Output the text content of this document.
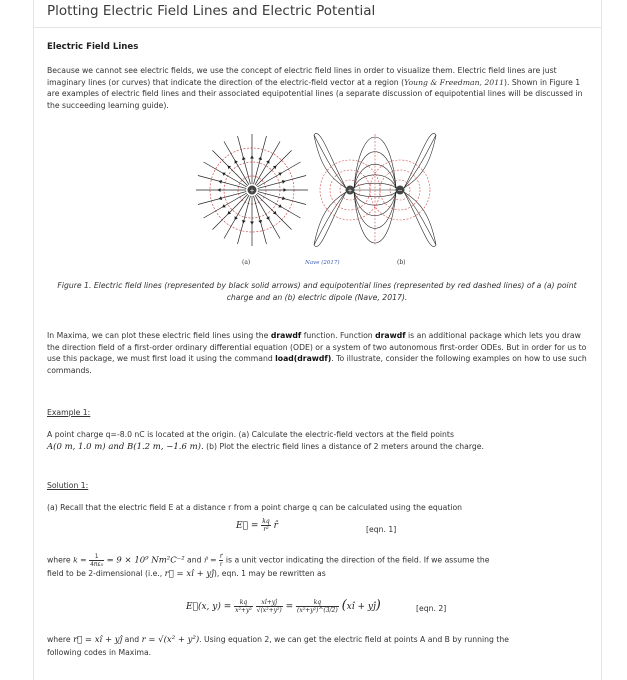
Plotting Electric Field Lines and Electric Potential
Electric Field Lines
Because we cannot see electric fields, we use the concept of electric field lines in order to visualize them. Electric field lines are just imaginary lines (or curves) that indicate the direction of the electric-field vector at a region (Young & Freedman, 2011). Shown in Figure 1 are examples of electric field lines and their associated equipotential lines (a separate discussion of equipotential lines will be discussed in the succeeding learning guide).
+	+	−
(a)	Nave (2017)	(b)
Figure 1. Electric field lines (represented by black solid arrows) and equipotential lines (represented by red dashed lines) of a (a) point charge and an (b) electric dipole (Nave, 2017).
In Maxima, we can plot these electric field lines using the drawdf function. Function drawdf is an additional package which lets you draw the direction field of a first-order ordinary differential equation (ODE) or a system of two autonomous first-order ODEs. But in order for us to use this package, we must first load it using the command load(drawdf). To illustrate, consider the following examples on how to use such commands.
Example 1:
A point charge q=-8.0 nC is located at the origin. (a) Calculate the electric-field vectors at the field points
A(0 m, 1.0 m) and B(1.2 m, −1.6 m). (b) Plot the electric field lines a distance of 2 meters around the charge.
Solution 1:
(a) Recall that the electric field E at a distance r from a point charge q can be calculated using the equation
E⃗ = $\frac{kq}{\text{r²}}$ r̂	[eqn. 1]
where $k = \frac{1}{\text{4πε₀}} = 9 \times 10^9$ Nm²C⁻² and r̂ = $\frac{r⃗}{r}$ is a unit vector indicating the direction of the field. If we assume the
field to be 2-dimensional (i.e., r⃗ = xî + yĵ), eqn. 1 may be rewritten as
E⃗(x, $y) = \frac{kq}{\text{x²+y²}}$
$\frac{xî+yĵ}{\text{√(x²+y²)}} = \frac{kq}{\text{(x²+y²)\textasciicircum{}(3/2)}}$ (xî + yĵ)	[eqn. 2]
where r⃗ = xî + yĵ and r = √(x² + y²). Using equation 2, we can get the electric field at points A and B by running the
following codes in Maxima.
